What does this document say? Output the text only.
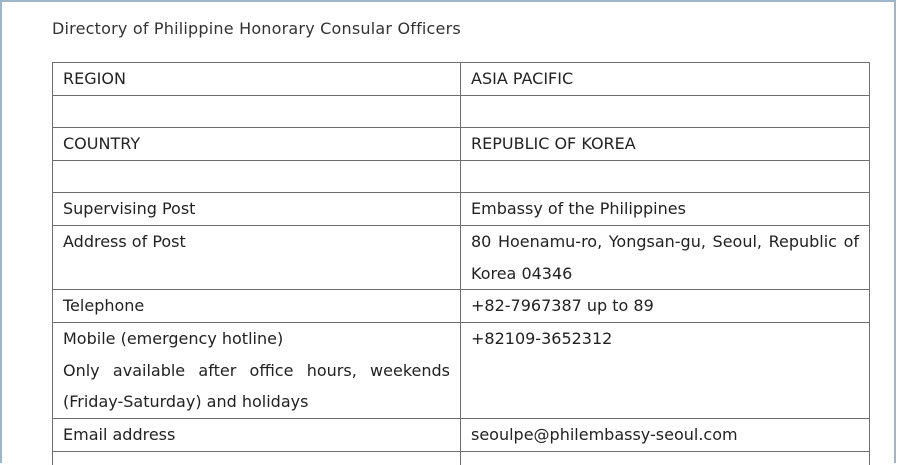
Directory of Philippine Honorary Consular Officers
REGION	ASIA PACIFIC

COUNTRY	REPUBLIC OF KOREA

Supervising Post	Embassy of the Philippines
Address of Post	80 Hoenamu-ro, Yongsan-gu, Seoul, Republic of Korea 04346
Telephone	+82-7967387 up to 89

Mobile (emergency hotline)
Only available after office hours, weekends (Friday-Saturday) and holidays	+82109-3652312
Email address	seoulpe@philembassy-seoul.com
